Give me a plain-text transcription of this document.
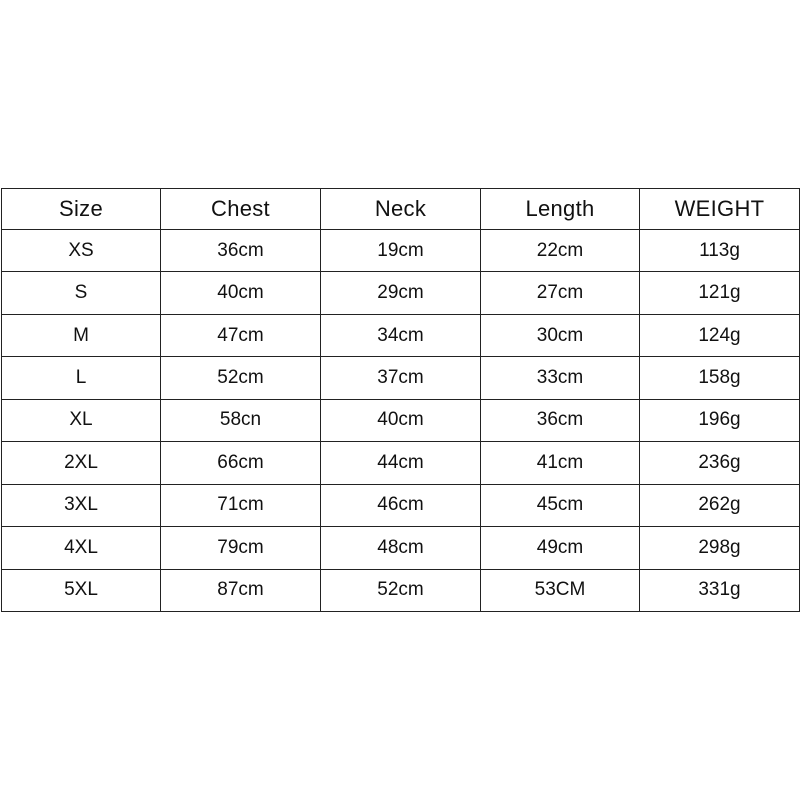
Size	Chest	Neck	Length	WEIGHT
XS	36cm	19cm	22cm	113g
S	40cm	29cm	27cm	121g
M	47cm	34cm	30cm	124g
L	52cm	37cm	33cm	158g
XL	58cn	40cm	36cm	196g
2XL	66cm	44cm	41cm	236g
3XL	71cm	46cm	45cm	262g
4XL	79cm	48cm	49cm	298g
5XL	87cm	52cm	53CM	331g
